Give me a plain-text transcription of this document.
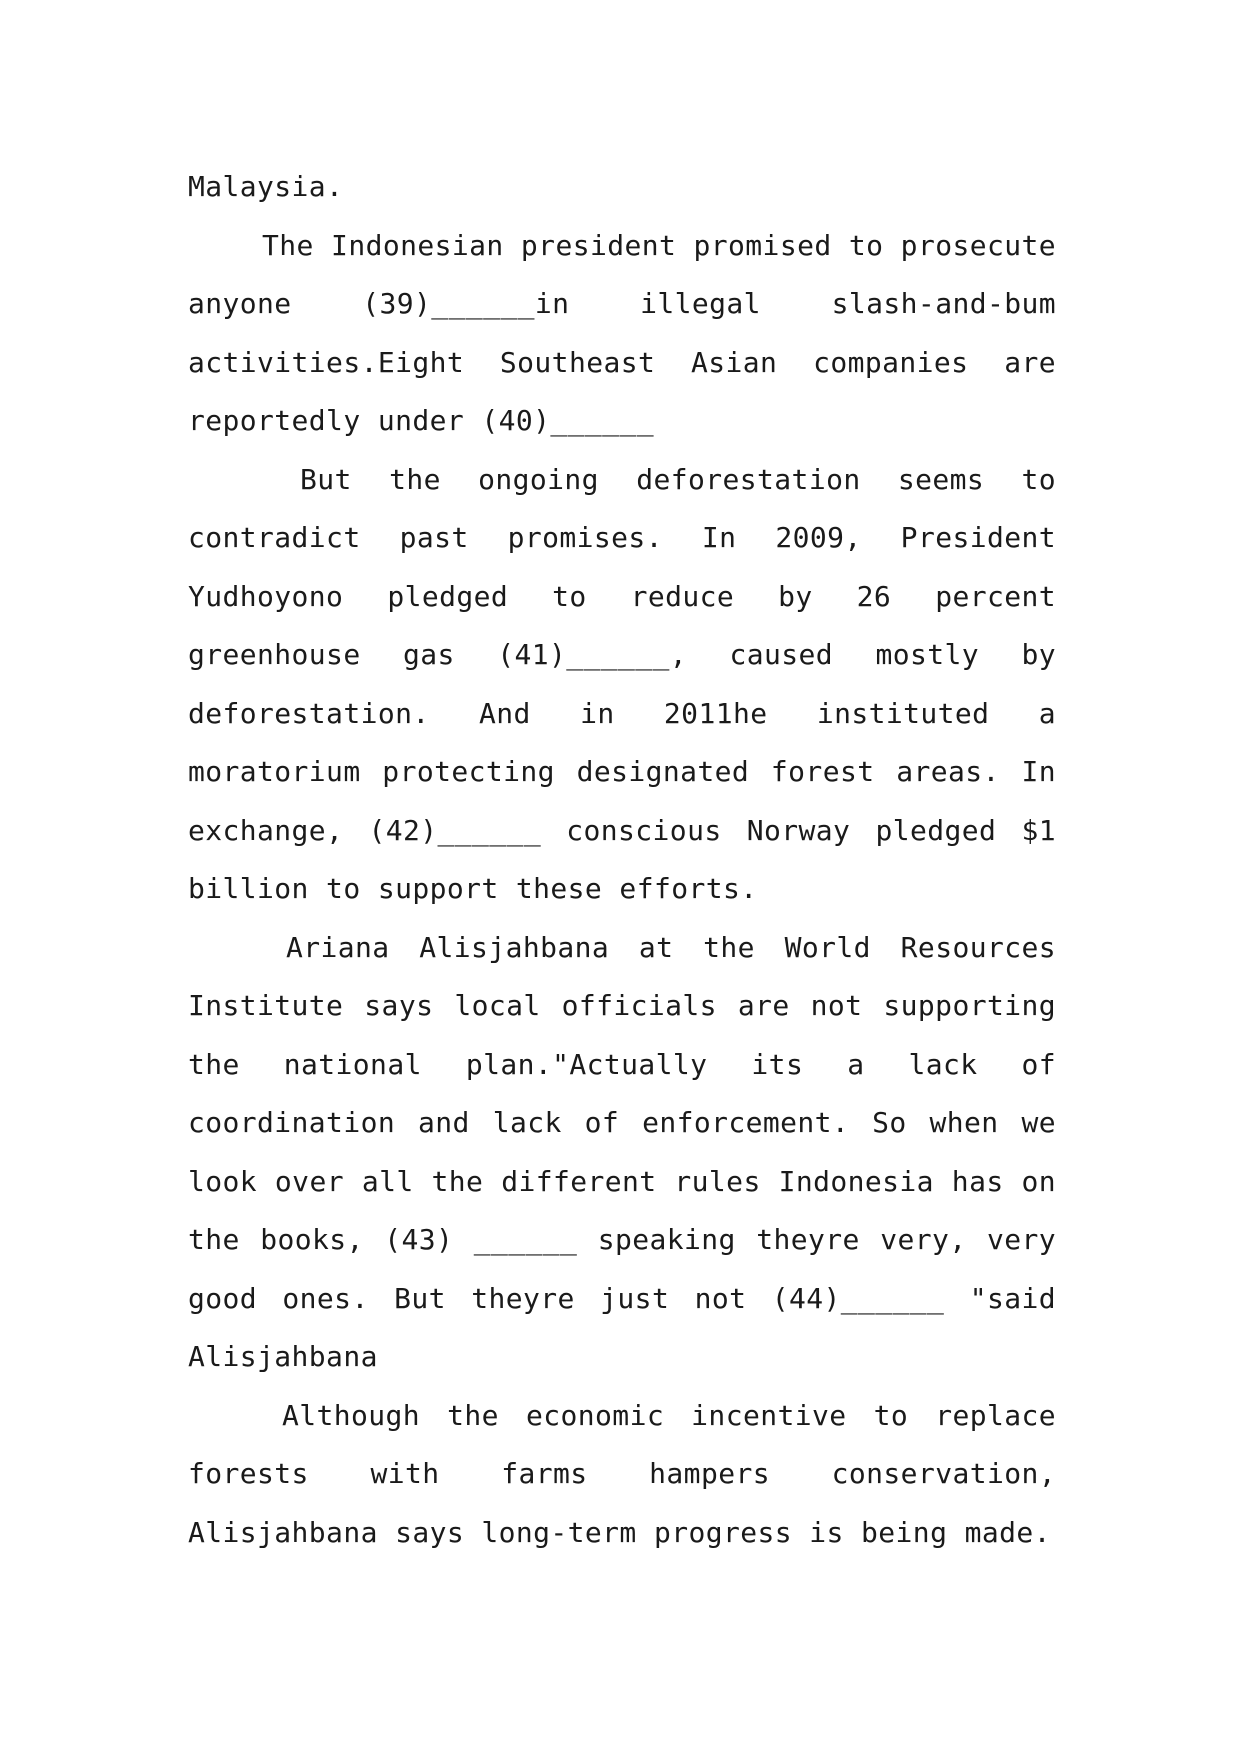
Malaysia.
The Indonesian president promised to prosecute
anyone (39)______in illegal slash-and-bum
activities.Eight Southeast Asian companies are
reportedly under (40)______
But the ongoing deforestation seems to
contradict past promises. In 2009, President
Yudhoyono pledged to reduce by 26 percent
greenhouse gas (41)______, caused mostly by
deforestation. And in 2011he instituted a
moratorium protecting designated forest areas. In
exchange, (42)______ conscious Norway pledged $1
billion to support these efforts.
Ariana Alisjahbana at the World Resources
Institute says local officials are not supporting
the national plan."Actually its a lack of
coordination and lack of enforcement. So when we
look over all the different rules Indonesia has on
the books, (43) ______ speaking theyre very, very
good ones. But theyre just not (44)______ "said
Alisjahbana
Although the economic incentive to replace
forests with farms hampers conservation,
Alisjahbana says long-term progress is being made.
